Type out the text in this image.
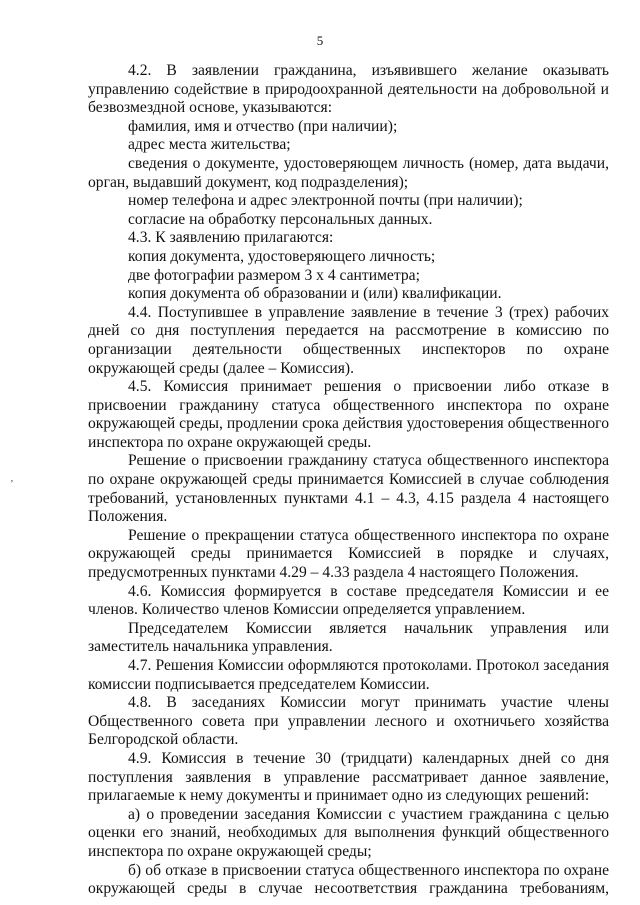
5
’

4.2. В заявлении гражданина, изъявившего желание оказывать управлению содействие в природоохранной деятельности на добровольной и безвозмездной основе, указываются:

фамилия, имя и отчество (при наличии);

адрес места жительства;

сведения о документе, удостоверяющем личность (номер, дата выдачи, орган, выдавший документ, код подразделения);

номер телефона и адрес электронной почты (при наличии);

согласие на обработку персональных данных.

4.3. К заявлению прилагаются:

копия документа, удостоверяющего личность;

две фотографии размером 3 х 4 сантиметра;

копия документа об образовании и (или) квалификации.

4.4. Поступившее в управление заявление в течение 3 (трех) рабочих дней со дня поступления передается на рассмотрение в комиссию по организации деятельности общественных инспекторов по охране окружающей среды (далее – Комиссия).

4.5. Комиссия принимает решения о присвоении либо отказе в присвоении гражданину статуса общественного инспектора по охране окружающей среды, продлении срока действия удостоверения общественного инспектора по охране окружающей среды.

Решение о присвоении гражданину статуса общественного инспектора по охране окружающей среды принимается Комиссией в случае соблюдения требований, установленных пунктами 4.1 – 4.3, 4.15 раздела 4 настоящего Положения.

Решение о прекращении статуса общественного инспектора по охране окружающей среды принимается Комиссией в порядке и случаях, предусмотренных пунктами 4.29 – 4.33 раздела 4 настоящего Положения.

4.6. Комиссия формируется в составе председателя Комиссии и ее членов. Количество членов Комиссии определяется управлением.

Председателем Комиссии является начальник управления или заместитель начальника управления.

4.7. Решения Комиссии оформляются протоколами. Протокол заседания комиссии подписывается председателем Комиссии.

4.8. В заседаниях Комиссии могут принимать участие члены Общественного совета при управлении лесного и охотничьего хозяйства Белгородской области.

4.9. Комиссия в течение 30 (тридцати) календарных дней со дня поступления заявления в управление рассматривает данное заявление, прилагаемые к нему документы и принимает одно из следующих решений:

а) о проведении заседания Комиссии с участием гражданина с целью оценки его знаний, необходимых для выполнения функций общественного инспектора по охране окружающей среды;

б) об отказе в присвоении статуса общественного инспектора по охране окружающей среды в случае несоответствия гражданина требованиям,
